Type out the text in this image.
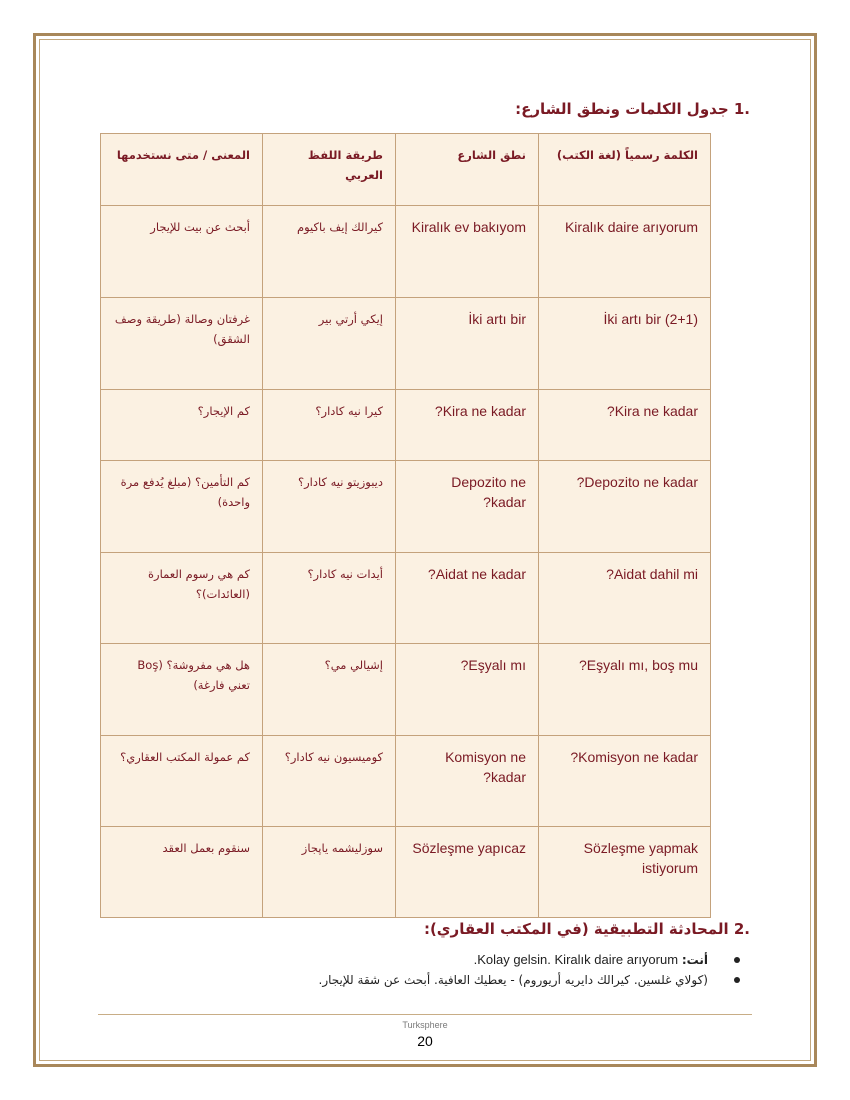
.1 جدول الكلمات ونطق الشارع:
الكلمة رسمياً (لغة الكتب)	نطق الشارع	طريقة اللفظ العربي	المعنى / متى نستخدمها
Kiralık daire arıyorum	Kiralık ev bakıyom	كيرالك إيف باكيوم	أبحث عن بيت للإيجار
İki artı bir (2+1)	İki artı bir	إيكي أرتي بير	غرفتان وصالة (طريقة وصف الشقق)
Kira ne kadar?	Kira ne kadar?	كيرا نيه كادار؟	كم الإيجار؟
Depozito ne kadar?	Depozito ne kadar?	ديبوزيتو نيه كادار؟	كم التأمين؟ (مبلغ يُدفع مرة واحدة)
Aidat dahil mi?	Aidat ne kadar?	أيدات نيه كادار؟	كم هي رسوم العمارة (العائدات)؟
Eşyalı mı, boş mu?	Eşyalı mı?	إشيالي مي؟	هل هي مفروشة؟ (Boş تعني فارغة)
Komisyon ne kadar?	Komisyon ne kadar?	كوميسيون نيه كادار؟	كم عمولة المكتب العقاري؟
Sözleşme yapmak istiyorum	Sözleşme yapıcaz	سوزليشمه ياپجاز	سنقوم بعمل العقد
.2 المحادثة التطبيقية (في المكتب العقاري):
أنت: Kolay gelsin. Kiralık daire arıyorum.
(كولاي غلسين. كيرالك دايريه أريوروم) - يعطيك العافية. أبحث عن شقة للإيجار.
Turksphere
20
